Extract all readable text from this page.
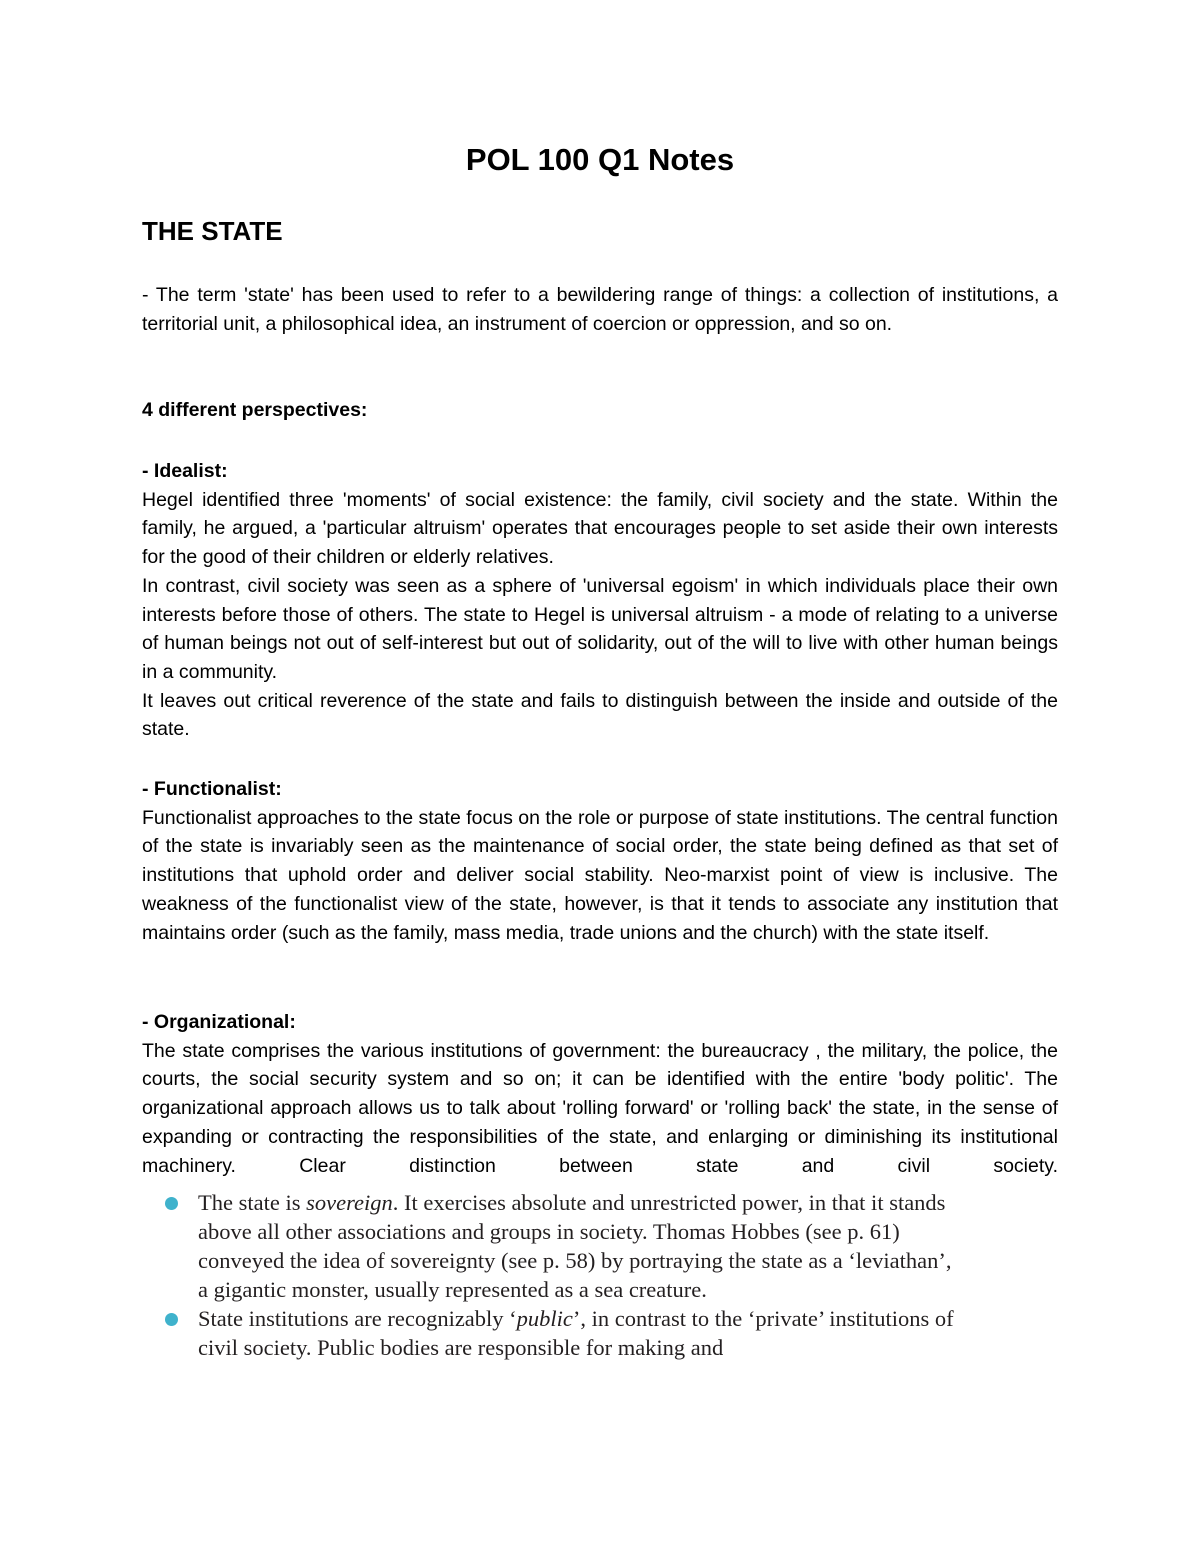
POL 100 Q1 Notes
THE STATE

- The term 'state' has been used to refer to a bewildering range of things: a collection of institutions, a territorial unit, a philosophical idea, an instrument of coercion or oppression, and so on.

4 different perspectives:

- Idealist:

Hegel identified three 'moments' of social existence: the family, civil society and the state. Within the family, he argued, a 'particular altruism' operates that encourages people to set aside their own interests for the good of their children or elderly relatives.

In contrast, civil society was seen as a sphere of 'universal egoism' in which individuals place their own interests before those of others. The state to Hegel is universal altruism - a mode of relating to a universe of human beings not out of self-interest but out of solidarity, out of the will to live with other human beings in a community.

It leaves out critical reverence of the state and fails to distinguish between the inside and outside of the state.

- Functionalist:

Functionalist approaches to the state focus on the role or purpose of state institutions. The central function of the state is invariably seen as the maintenance of social order, the state being defined as that set of institutions that uphold order and deliver social stability. Neo-marxist point of view is inclusive. The weakness of the functionalist view of the state, however, is that it tends to associate any institution that maintains order (such as the family, mass media, trade unions and the church) with the state itself.

- Organizational:

The state comprises the various institutions of government: the bureaucracy , the military, the police, the courts, the social security system and so on; it can be identified with the entire 'body politic'. The organizational approach allows us to talk about 'rolling forward' or 'rolling back' the state, in the sense of expanding or contracting the responsibilities of the state, and enlarging or diminishing its institutional machinery. Clear distinction between state and civil society.

The state is sovereign. It exercises absolute and unrestricted power, in that it stands above all other associations and groups in society. Thomas Hobbes (see p. 61) conveyed the idea of sovereignty (see p. 58) by portraying the state as a ‘leviathan’, a gigantic monster, usually represented as a sea creature.

State institutions are recognizably ‘public’, in contrast to the ‘private’ institutions of civil society. Public bodies are responsible for making and
